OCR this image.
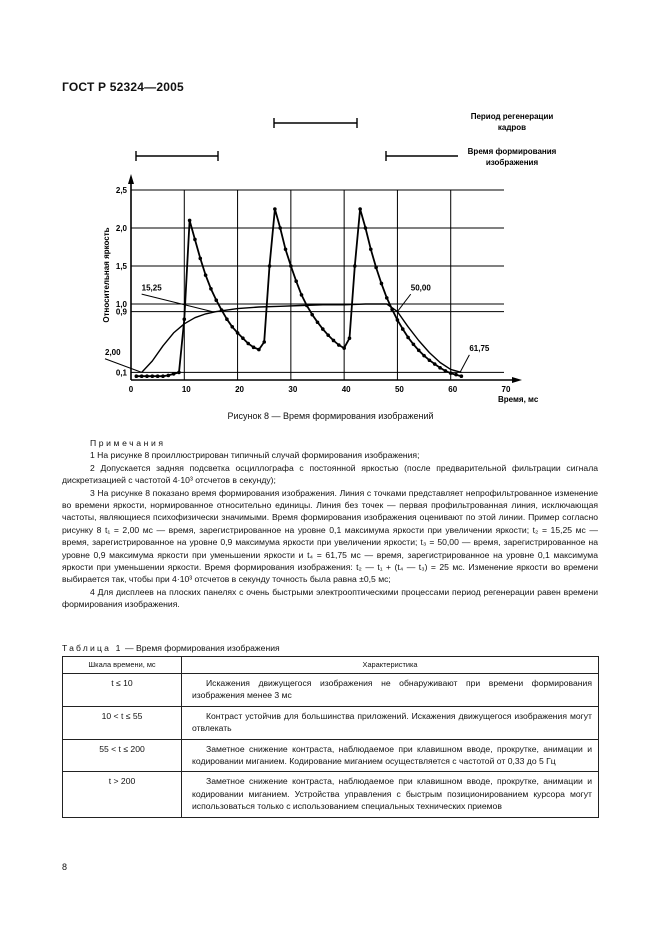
ГОСТ Р 52324—2005
0	10	20	30	40	50	60	70
0,1
0,9
1,0
1,5
2,0
2,5
Время, мс
Относительная яркость	15,25	50,00
2,00	61,75
Период регенерации
кадров
Время формирования
изображения
Рисунок 8 — Время формирования изображений

Примечания

1 На рисунке 8 проиллюстрирован типичный случай формирования изображения;

2 Допускается задняя подсветка осциллографа с постоянной яркостью (после предварительной фильтрации сигнала дискретизацией с частотой 4·10³ отсчетов в секунду);

3 На рисунке 8 показано время формирования изображения. Линия с точками представляет непрофильтрованное изменение во времени яркости, нормированное относительно единицы. Линия без точек — первая профильтрованная линия, исключающая частоты, являющиеся психофизически значимыми. Время формирования изображения оценивают по этой линии. Пример согласно рисунку 8 t₁ = 2,00 мс — время, зарегистрированное на уровне 0,1 максимума яркости при увеличении яркости; t₂ = 15,25 мс — время, зарегистрированное на уровне 0,9 максимума яркости при увеличении яркости; t₃ = 50,00 — время, зарегистрированное на уровне 0,9 максимума яркости при уменьшении яркости и t₄ = 61,75 мс — время, зарегистрированное на уровне 0,1 максимума яркости при уменьшении яркости. Время формирования изображения: t₂ — t₁ + (t₄ — t₃) = 25 мс. Изменение яркости во времени выбирается так, чтобы при 4·10³ отсчетов в секунду точность была равна ±0,5 мс;

4 Для дисплеев на плоских панелях с очень быстрыми электрооптическими процессами период регенерации равен времени формирования изображения.

Таблица 1 — Время формирования изображения
Шкала времени, мс	Характеристика
t ≤ 10	Искажения движущегося изображения не обнаруживают при времени формирования изображения менее 3 мс
10 < t ≤ 55	Контраст устойчив для большинства приложений. Искажения движущегося изображения могут отвлекать
55 < t ≤ 200	Заметное снижение контраста, наблюдаемое при клавишном вводе, прокрутке, анимации и кодировании миганием. Кодирование миганием осуществляется с частотой от 0,33 до 5 Гц
t > 200	Заметное снижение контраста, наблюдаемое при клавишном вводе, прокрутке, анимации и кодировании миганием. Устройства управления с быстрым позиционированием курсора могут использоваться только с использованием специальных технических приемов
8
